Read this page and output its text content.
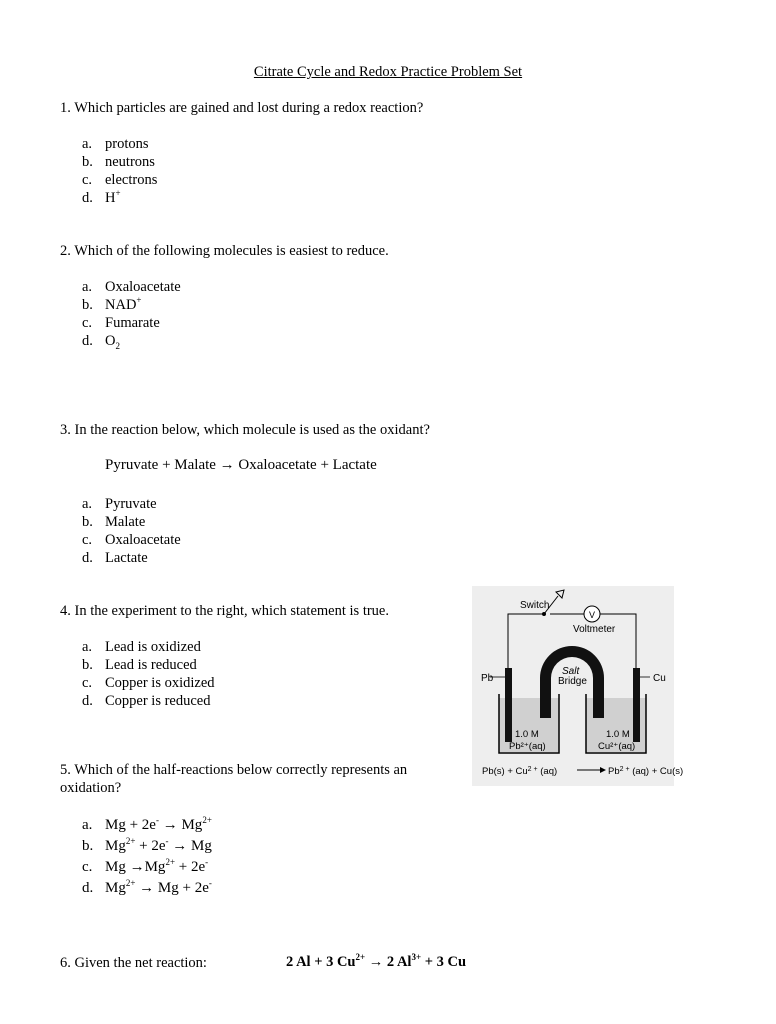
Citrate Cycle and Redox Practice Problem Set
1. Which particles are gained and lost during a redox reaction?
a. protons
b. neutrons
c. electrons
d. H+
2. Which of the following molecules is easiest to reduce.
a. Oxaloacetate
b. NAD+
c. Fumarate
d. $O_2$
3. In the reaction below, which molecule is used as the oxidant?
Pyruvate + Malate → Oxaloacetate + Lactate
a. Pyruvate
b. Malate
c. Oxaloacetate
d. Lactate
4. In the experiment to the right, which statement is true.
a. Lead is oxidized
b. Lead is reduced
c. Copper is oxidized
d. Copper is reduced
Switch
V
Voltmeter
Salt
Bridge
Pb	Cu
1.0 M
Pb²⁺(aq)
1.0 M
Cu²⁺(aq)
$Pb(s) + Cu^{2 +}$ (aq)	$Pb^{2 +}$ (aq) + Cu(s)
5. Which of the half-reactions below correctly represents an
oxidation?
a. $Mg + 2e^- \to Mg^{2+}$
b. $Mg^{2+} + 2e^- \to Mg$
c. $Mg \to Mg^{2+} + 2e^-$
d. $Mg^{2+} \to Mg + 2e^-$
6. Given the net reaction:	2 Al + 3 $Cu^{2+} \to 2$ $Al^{3+} + 3$ Cu
